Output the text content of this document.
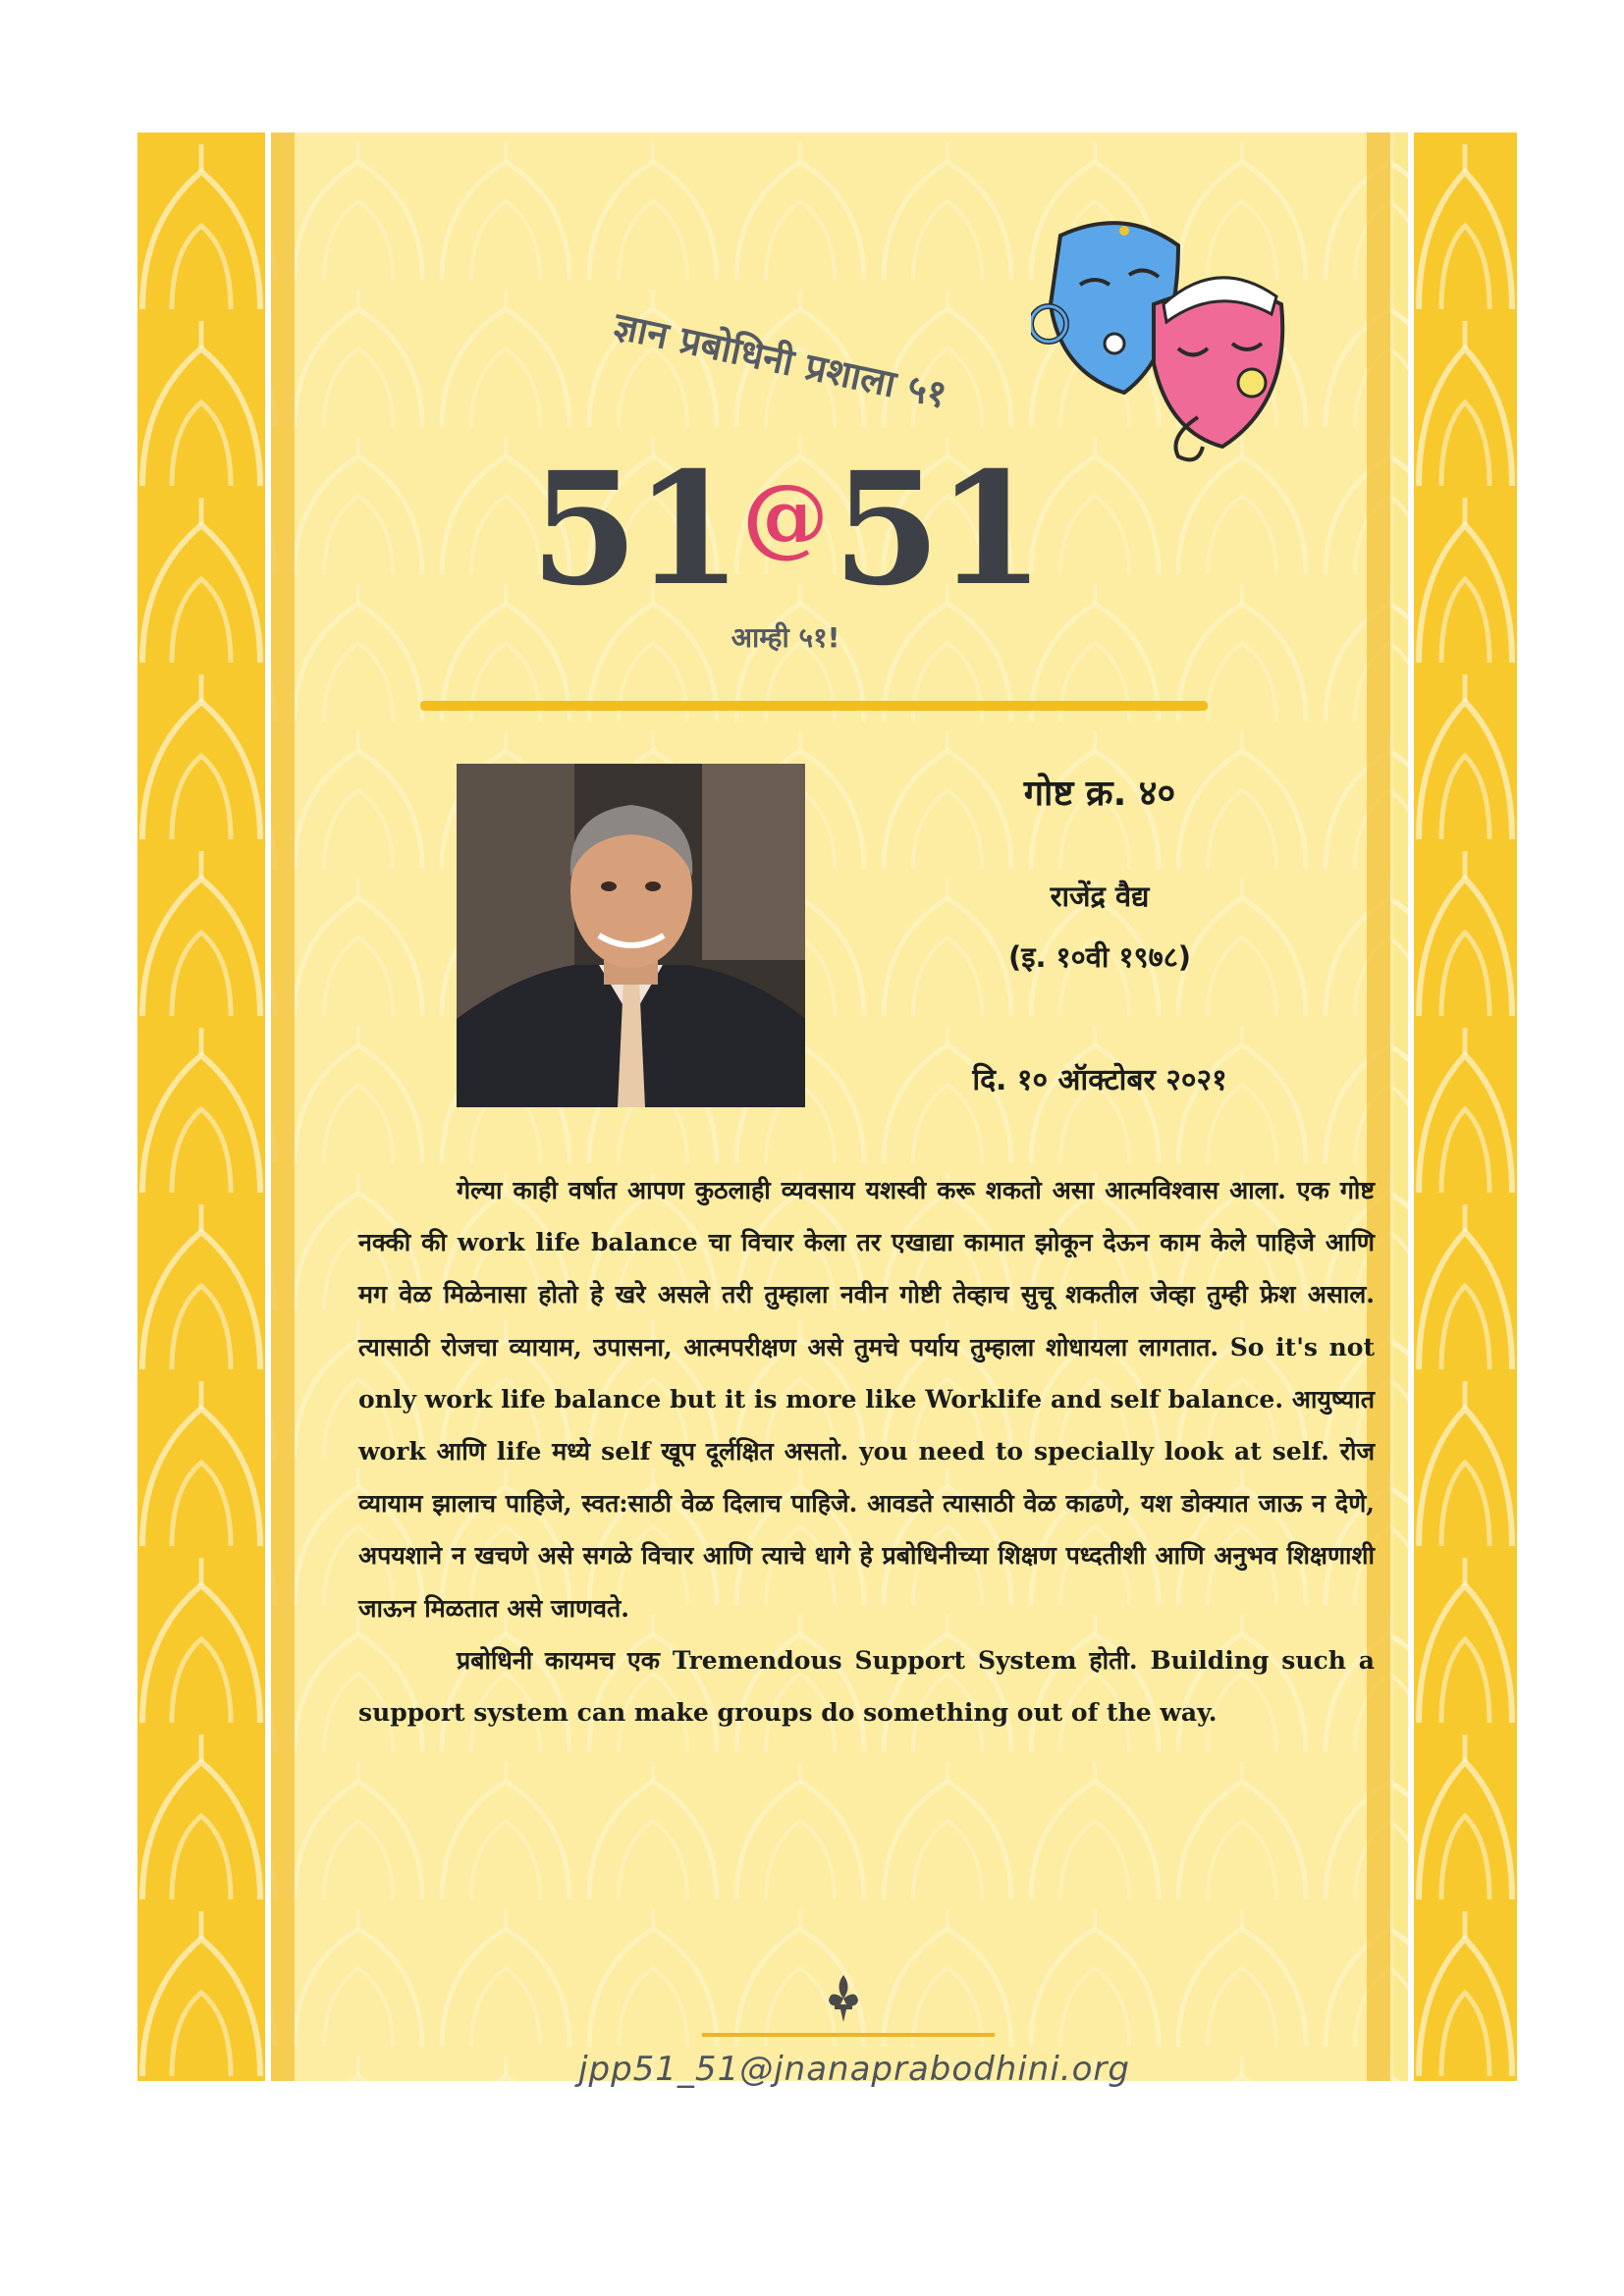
ज्ञान प्रबोधिनी प्रशाला ५१
51@51
आम्ही ५१!
गोष्ट क्र. ४०
राजेंद्र वैद्य
(इ. १०वी १९७८)
दि. १० ऑक्टोबर २०२१

गेल्या काही वर्षात आपण कुठलाही व्यवसाय यशस्वी करू शकतो असा आत्मविश्वास आला. एक गोष्ट नक्की की work life balance चा विचार केला तर एखाद्या कामात झोकून देऊन काम केले पाहिजे आणि मग वेळ मिळेनासा होतो हे खरे असले तरी तुम्हाला नवीन गोष्टी तेव्हाच सुचू शकतील जेव्हा तुम्ही फ्रेश असाल. त्यासाठी रोजचा व्यायाम, उपासना, आत्मपरीक्षण असे तुमचे पर्याय तुम्हाला शोधायला लागतात. So it's not only work life balance but it is more like Worklife and self balance. आयुष्यात work आणि life मध्ये self खूप दूर्लक्षित असतो. you need to specially look at self. रोज व्यायाम झालाच पाहिजे, स्वत:साठी वेळ दिलाच पाहिजे. आवडते त्यासाठी वेळ काढणे, यश डोक्यात जाऊ न देणे, अपयशाने न खचणे असे सगळे विचार आणि त्याचे धागे हे प्रबोधिनीच्या शिक्षण पध्दतीशी आणि अनुभव शिक्षणाशी जाऊन मिळतात असे जाणवते.

प्रबोधिनी कायमच एक Tremendous Support System होती. Building such a support system can make groups do something out of the way.

jpp51_51@jnanaprabodhini.org
